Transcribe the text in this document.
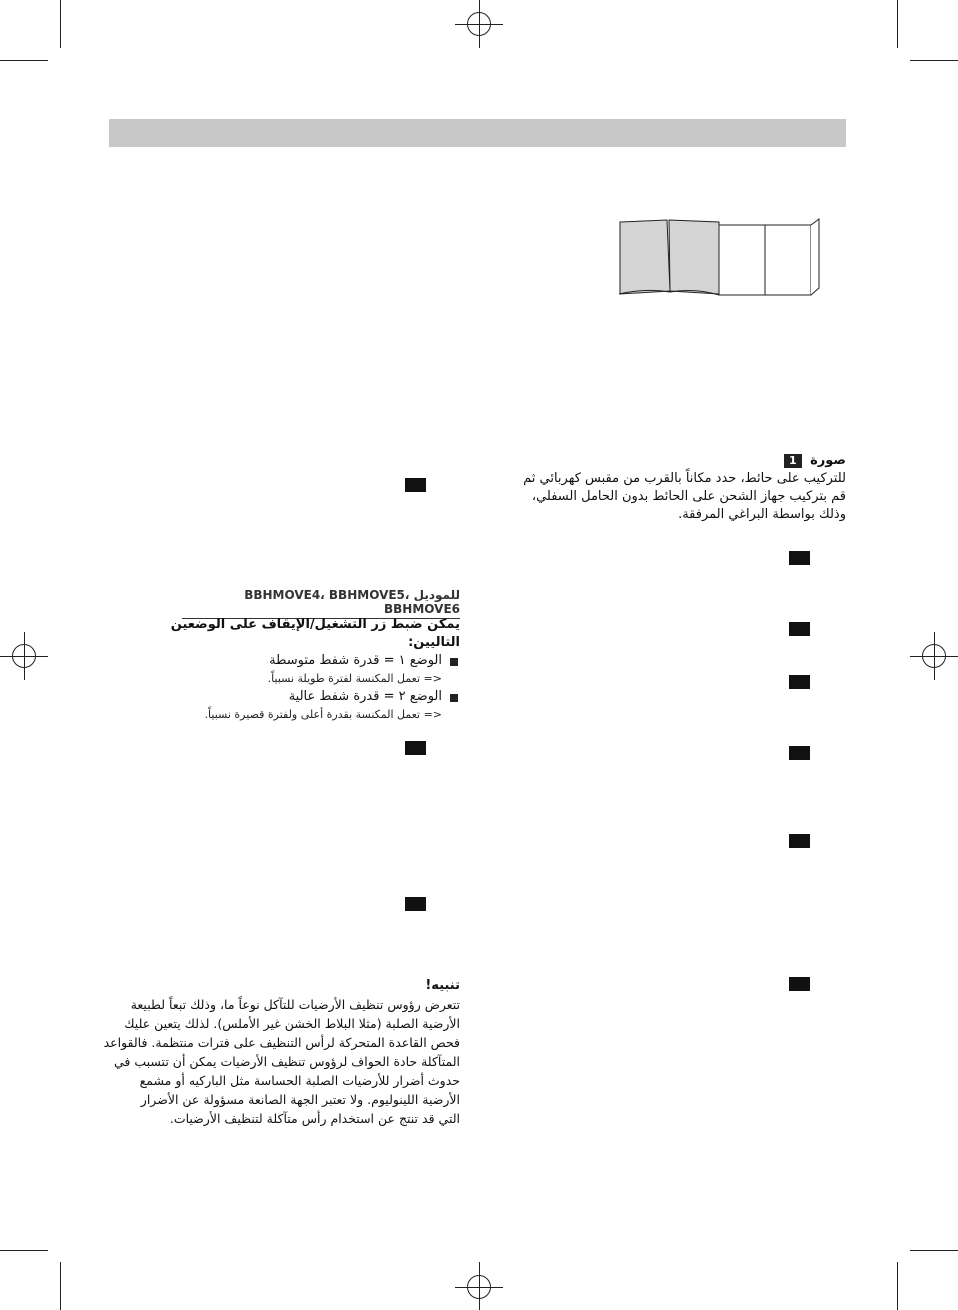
صورة 1
للتركيب على حائط، حدد مكاناً بالقرب من مقبس كهربائي ثم
قم بتركيب جهاز الشحن على الحائط بدون الحامل السفلي،
وذلك بواسطة البراغي المرفقة.
للموديل BBHMOVE4، BBHMOVE5، BBHMOVE6
يمكن ضبط زر التشغيل/الإيقاف على الوضعين التاليين:
الوضع ١ = قدرة شفط متوسطة
<= تعمل المكنسة لفترة طويلة نسبياً.
الوضع ٢ = قدرة شفط عالية
<= تعمل المكنسة بقدرة أعلى ولفترة قصيرة نسبياً.
تنبيه!
تتعرض رؤوس تنظيف الأرضيات للتآكل نوعاً ما، وذلك تبعاً لطبيعة
الأرضية الصلبة (مثلا البلاط الخشن غير الأملس). لذلك يتعين عليك
فحص القاعدة المتحركة لرأس التنظيف على فترات منتظمة. فالقواعد
المتآكلة حادة الحواف لرؤوس تنظيف الأرضيات يمكن أن تتسبب في
حدوث أضرار للأرضيات الصلبة الحساسة مثل الباركيه أو مشمع
الأرضية اللينوليوم. ولا تعتبر الجهة الصانعة مسؤولة عن الأضرار
التي قد تنتج عن استخدام رأس متآكلة لتنظيف الأرضيات.
